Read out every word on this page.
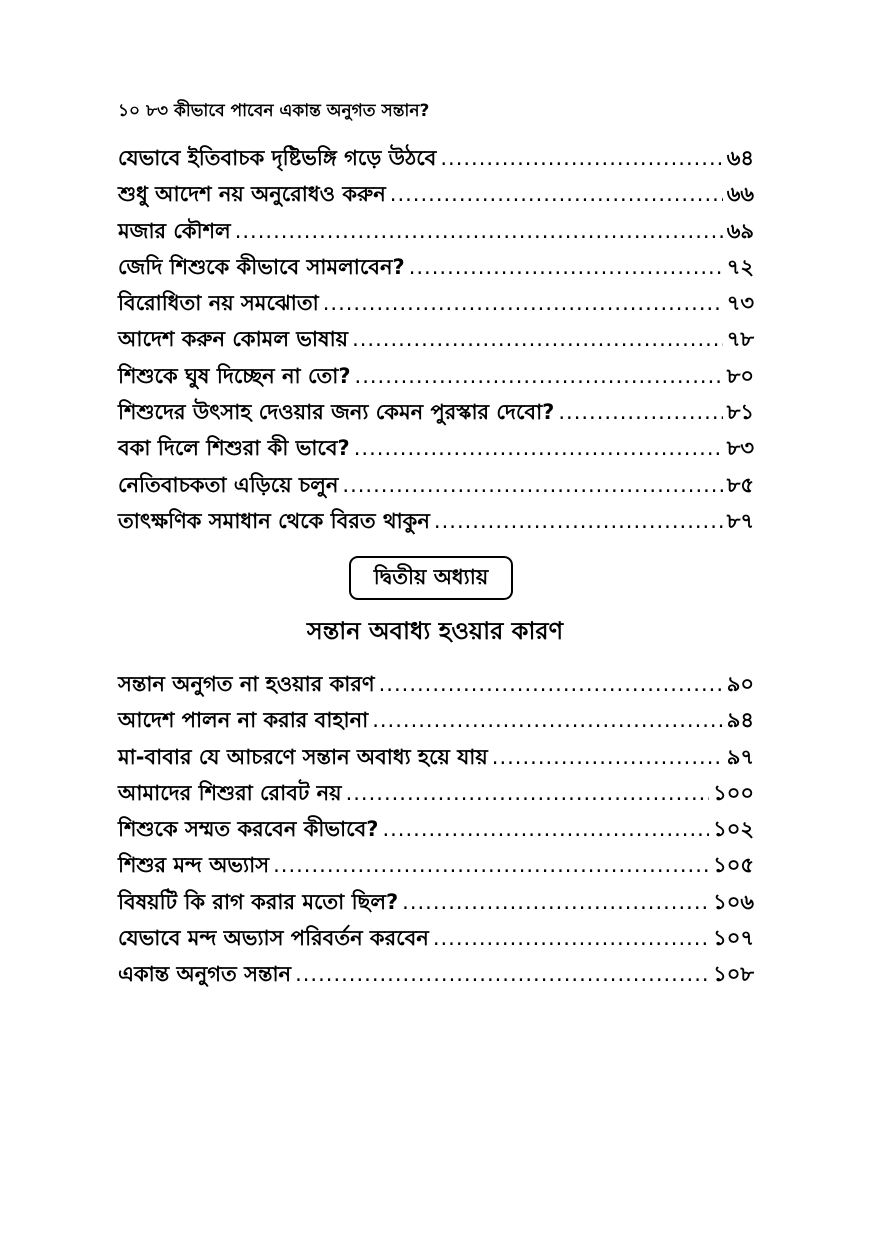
১০ ৮৩ কীভাবে পাবেন একান্ত অনুগত সন্তান?
যেভাবে ইতিবাচক দৃষ্টিভঙ্গি গড়ে উঠবে .....	৬৪
শুধু আদেশ নয় অনুরোধও করুন .....	৬৬
মজার কৌশল .....	৬৯
জেদি শিশুকে কীভাবে সামলাবেন? .....	৭২
বিরোধিতা নয় সমঝোতা .....	৭৩
আদেশ করুন কোমল ভাষায় .....	৭৮
শিশুকে ঘুষ দিচ্ছেন না তো? .....	৮০
শিশুদের উৎসাহ দেওয়ার জন্য কেমন পুরস্কার দেবো? .....	৮১
বকা দিলে শিশুরা কী ভাবে? .....	৮৩
নেতিবাচকতা এড়িয়ে চলুন .....	৮৫
তাৎক্ষণিক সমাধান থেকে বিরত থাকুন .....	৮৭
দ্বিতীয় অধ্যায়
সন্তান অবাধ্য হওয়ার কারণ
সন্তান অনুগত না হওয়ার কারণ .....	৯০
আদেশ পালন না করার বাহানা .....	৯৪
মা-বাবার যে আচরণে সন্তান অবাধ্য হয়ে যায় .....	৯৭
আমাদের শিশুরা রোবট নয় .....	১০০
শিশুকে সম্মত করবেন কীভাবে? .....	১০২
শিশুর মন্দ অভ্যাস .....	১০৫
বিষয়টি কি রাগ করার মতো ছিল? .....	১০৬
যেভাবে মন্দ অভ্যাস পরিবর্তন করবেন .....	১০৭
একান্ত অনুগত সন্তান .....	১০৮
